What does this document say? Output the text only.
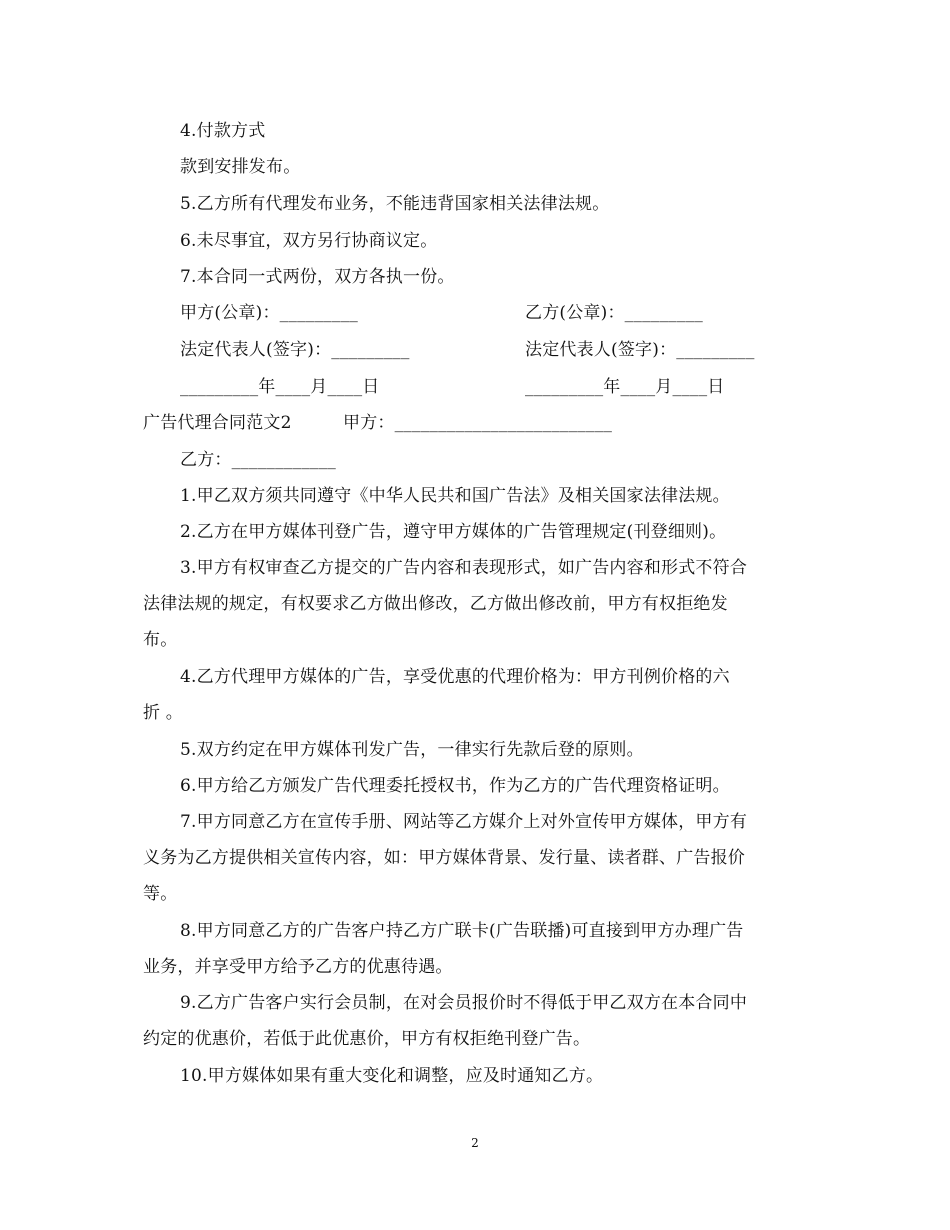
4.付款方式
款到安排发布。
5.乙方所有代理发布业务，不能违背国家相关法律法规。
6.未尽事宜，双方另行协商议定。
7.本合同一式两份，双方各执一份。
甲方(公章)：_________	乙方(公章)：_________
法定代表人(签字)：_________	法定代表人(签字)：_________
_________年____月____日	_________年____月____日
广告代理合同范文2	甲方：_________________________
乙方：____________
1.甲乙双方须共同遵守《中华人民共和国广告法》及相关国家法律法规。
2.乙方在甲方媒体刊登广告，遵守甲方媒体的广告管理规定(刊登细则)。
3.甲方有权审查乙方提交的广告内容和表现形式，如广告内容和形式不符合
法律法规的规定，有权要求乙方做出修改，乙方做出修改前，甲方有权拒绝发
布。
4.乙方代理甲方媒体的广告，享受优惠的代理价格为：甲方刊例价格的六
折 。
5.双方约定在甲方媒体刊发广告，一律实行先款后登的原则。
6.甲方给乙方颁发广告代理委托授权书，作为乙方的广告代理资格证明。
7.甲方同意乙方在宣传手册、网站等乙方媒介上对外宣传甲方媒体，甲方有
义务为乙方提供相关宣传内容，如：甲方媒体背景、发行量、读者群、广告报价
等。
8.甲方同意乙方的广告客户持乙方广联卡(广告联播)可直接到甲方办理广告
业务，并享受甲方给予乙方的优惠待遇。
9.乙方广告客户实行会员制，在对会员报价时不得低于甲乙双方在本合同中
约定的优惠价，若低于此优惠价，甲方有权拒绝刊登广告。
10.甲方媒体如果有重大变化和调整，应及时通知乙方。
2
